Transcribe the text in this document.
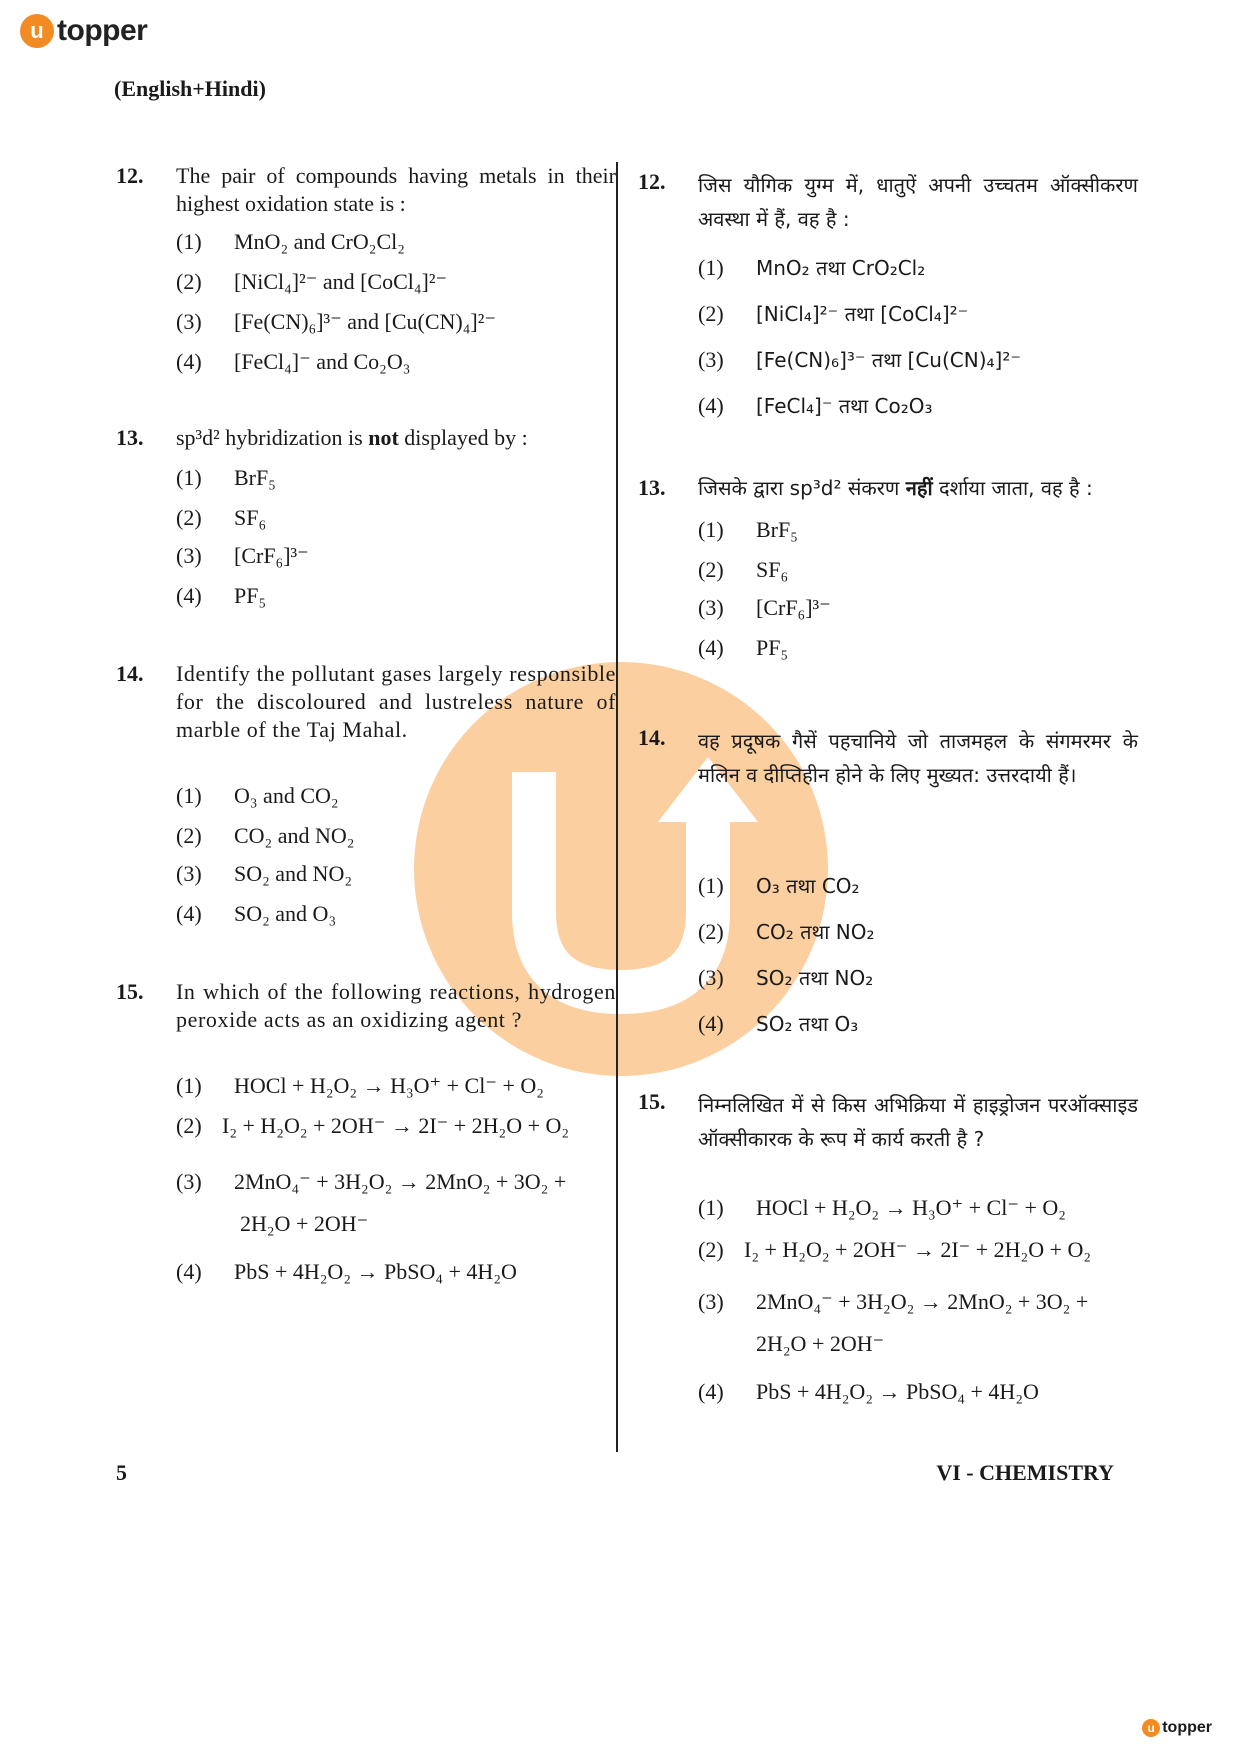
u topper
(English+Hindi)
12. The pair of compounds having metals in their highest oxidation state is :
(1) MnO₂ and CrO₂Cl₂
(2) [NiCl₄]²⁻ and [CoCl₄]²⁻
(3) [Fe(CN)₆]³⁻ and [Cu(CN)₄]²⁻
(4) [FeCl₄]⁻ and Co₂O₃
13. sp³d² hybridization is not displayed by :
(1) BrF₅
(2) SF₆
(3) [CrF₆]³⁻
(4) PF₅
14. Identify the pollutant gases largely responsible for the discoloured and lustreless nature of marble of the Taj Mahal.
(1) O₃ and CO₂
(2) CO₂ and NO₂
(3) SO₂ and NO₂
(4) SO₂ and O₃
15. In which of the following reactions, hydrogen peroxide acts as an oxidizing agent ?
(1) HOCl + H₂O₂ → H₃O⁺ + Cl⁻ + O₂
(2) I₂ + H₂O₂ + 2OH⁻ → 2I⁻ + 2H₂O + O₂
(3) 2MnO₄⁻ + 3H₂O₂ → 2MnO₂ + 3O₂ +
2H₂O + 2OH⁻
(4) PbS + 4H₂O₂ → PbSO₄ + 4H₂O
12. जिस यौगिक युग्म में, धातुऐं अपनी उच्चतम ऑक्सीकरण अवस्था में हैं, वह है :
(1) MnO₂ तथा CrO₂Cl₂
(2) [NiCl₄]²⁻ तथा [CoCl₄]²⁻
(3) [Fe(CN)₆]³⁻ तथा [Cu(CN)₄]²⁻
(4) [FeCl₄]⁻ तथा Co₂O₃
13. जिसके द्वारा sp³d² संकरण नहीं दर्शाया जाता, वह है :
(1) BrF₅
(2) SF₆
(3) [CrF₆]³⁻
(4) PF₅
14. वह प्रदूषक गैसें पहचानिये जो ताजमहल के संगमरमर के मलिन व दीप्तिहीन होने के लिए मुख्यत: उत्तरदायी हैं।
(1) O₃ तथा CO₂
(2) CO₂ तथा NO₂
(3) SO₂ तथा NO₂
(4) SO₂ तथा O₃
15. निम्नलिखित में से किस अभिक्रिया में हाइड्रोजन परऑक्साइड ऑक्सीकारक के रूप में कार्य करती है ?
(1) HOCl + H₂O₂ → H₃O⁺ + Cl⁻ + O₂
(2) I₂ + H₂O₂ + 2OH⁻ → 2I⁻ + 2H₂O + O₂
(3) 2MnO₄⁻ + 3H₂O₂ → 2MnO₂ + 3O₂ +
2H₂O + 2OH⁻
(4) PbS + 4H₂O₂ → PbSO₄ + 4H₂O
5	VI - CHEMISTRY
u topper
